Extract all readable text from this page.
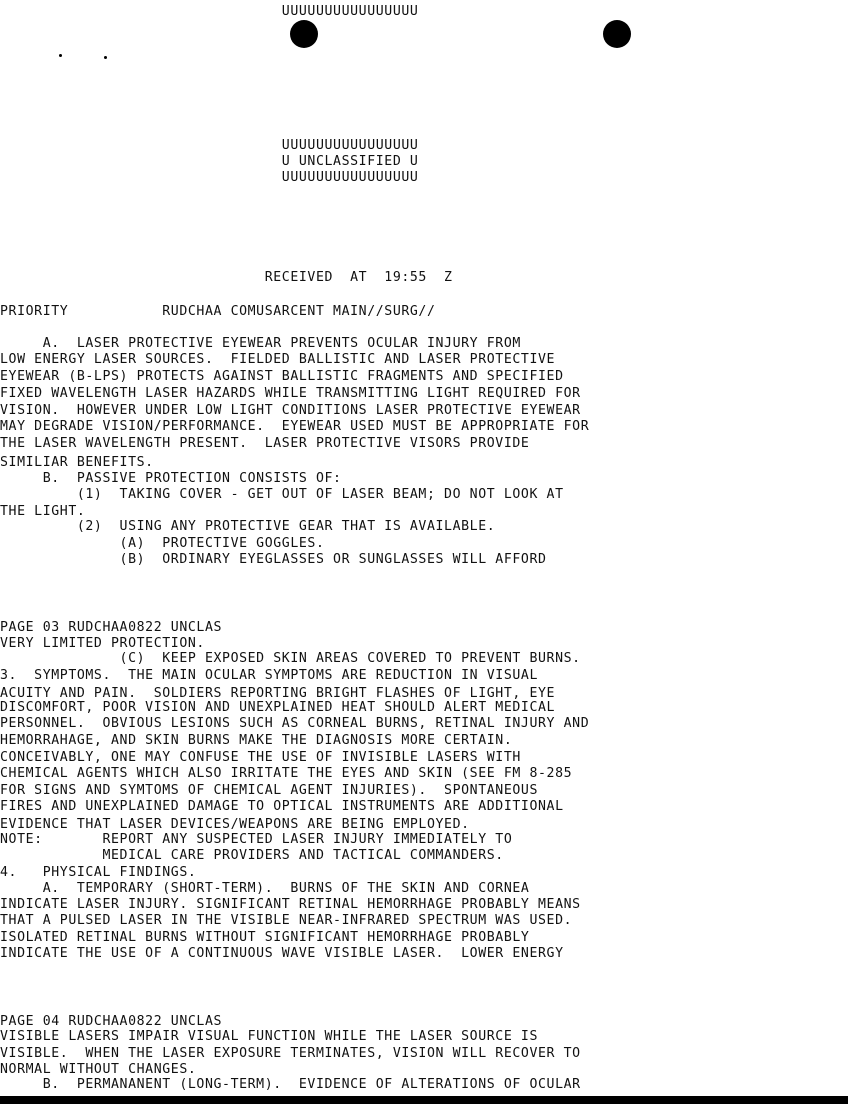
UUUUUUUUUUUUUUUU
UUUUUUUUUUUUUUUU
U UNCLASSIFIED U
UUUUUUUUUUUUUUUU
RECEIVED  AT  19:55  Z
PRIORITY           RUDCHAA COMUSARCENT MAIN//SURG//
A.  LASER PROTECTIVE EYEWEAR PREVENTS OCULAR INJURY FROM
LOW ENERGY LASER SOURCES.  FIELDED BALLISTIC AND LASER PROTECTIVE
EYEWEAR (B-LPS) PROTECTS AGAINST BALLISTIC FRAGMENTS AND SPECIFIED
FIXED WAVELENGTH LASER HAZARDS WHILE TRANSMITTING LIGHT REQUIRED FOR
VISION.  HOWEVER UNDER LOW LIGHT CONDITIONS LASER PROTECTIVE EYEWEAR
MAY DEGRADE VISION/PERFORMANCE.  EYEWEAR USED MUST BE APPROPRIATE FOR
THE LASER WAVELENGTH PRESENT.  LASER PROTECTIVE VISORS PROVIDE
SIMILIAR BENEFITS.
B.  PASSIVE PROTECTION CONSISTS OF:
(1)  TAKING COVER - GET OUT OF LASER BEAM; DO NOT LOOK AT
THE LIGHT.
(2)  USING ANY PROTECTIVE GEAR THAT IS AVAILABLE.
(A)  PROTECTIVE GOGGLES.
(B)  ORDINARY EYEGLASSES OR SUNGLASSES WILL AFFORD
PAGE 03 RUDCHAA0822 UNCLAS
VERY LIMITED PROTECTION.
(C)  KEEP EXPOSED SKIN AREAS COVERED TO PREVENT BURNS.
3.  SYMPTOMS.  THE MAIN OCULAR SYMPTOMS ARE REDUCTION IN VISUAL
ACUITY AND PAIN.  SOLDIERS REPORTING BRIGHT FLASHES OF LIGHT, EYE
DISCOMFORT, POOR VISION AND UNEXPLAINED HEAT SHOULD ALERT MEDICAL
PERSONNEL.  OBVIOUS LESIONS SUCH AS CORNEAL BURNS, RETINAL INJURY AND
HEMORRAHAGE, AND SKIN BURNS MAKE THE DIAGNOSIS MORE CERTAIN.
CONCEIVABLY, ONE MAY CONFUSE THE USE OF INVISIBLE LASERS WITH
CHEMICAL AGENTS WHICH ALSO IRRITATE THE EYES AND SKIN (SEE FM 8-285
FOR SIGNS AND SYMTOMS OF CHEMICAL AGENT INJURIES).  SPONTANEOUS
FIRES AND UNEXPLAINED DAMAGE TO OPTICAL INSTRUMENTS ARE ADDITIONAL
EVIDENCE THAT LASER DEVICES/WEAPONS ARE BEING EMPLOYED.
NOTE:       REPORT ANY SUSPECTED LASER INJURY IMMEDIATELY TO
MEDICAL CARE PROVIDERS AND TACTICAL COMMANDERS.
4.   PHYSICAL FINDINGS.
A.  TEMPORARY (SHORT-TERM).  BURNS OF THE SKIN AND CORNEA
INDICATE LASER INJURY. SIGNIFICANT RETINAL HEMORRHAGE PROBABLY MEANS
THAT A PULSED LASER IN THE VISIBLE NEAR-INFRARED SPECTRUM WAS USED.
ISOLATED RETINAL BURNS WITHOUT SIGNIFICANT HEMORRHAGE PROBABLY
INDICATE THE USE OF A CONTINUOUS WAVE VISIBLE LASER.  LOWER ENERGY
PAGE 04 RUDCHAA0822 UNCLAS
VISIBLE LASERS IMPAIR VISUAL FUNCTION WHILE THE LASER SOURCE IS
VISIBLE.  WHEN THE LASER EXPOSURE TERMINATES, VISION WILL RECOVER TO
NORMAL WITHOUT CHANGES.
B.  PERMANANENT (LONG-TERM).  EVIDENCE OF ALTERATIONS OF OCULAR
